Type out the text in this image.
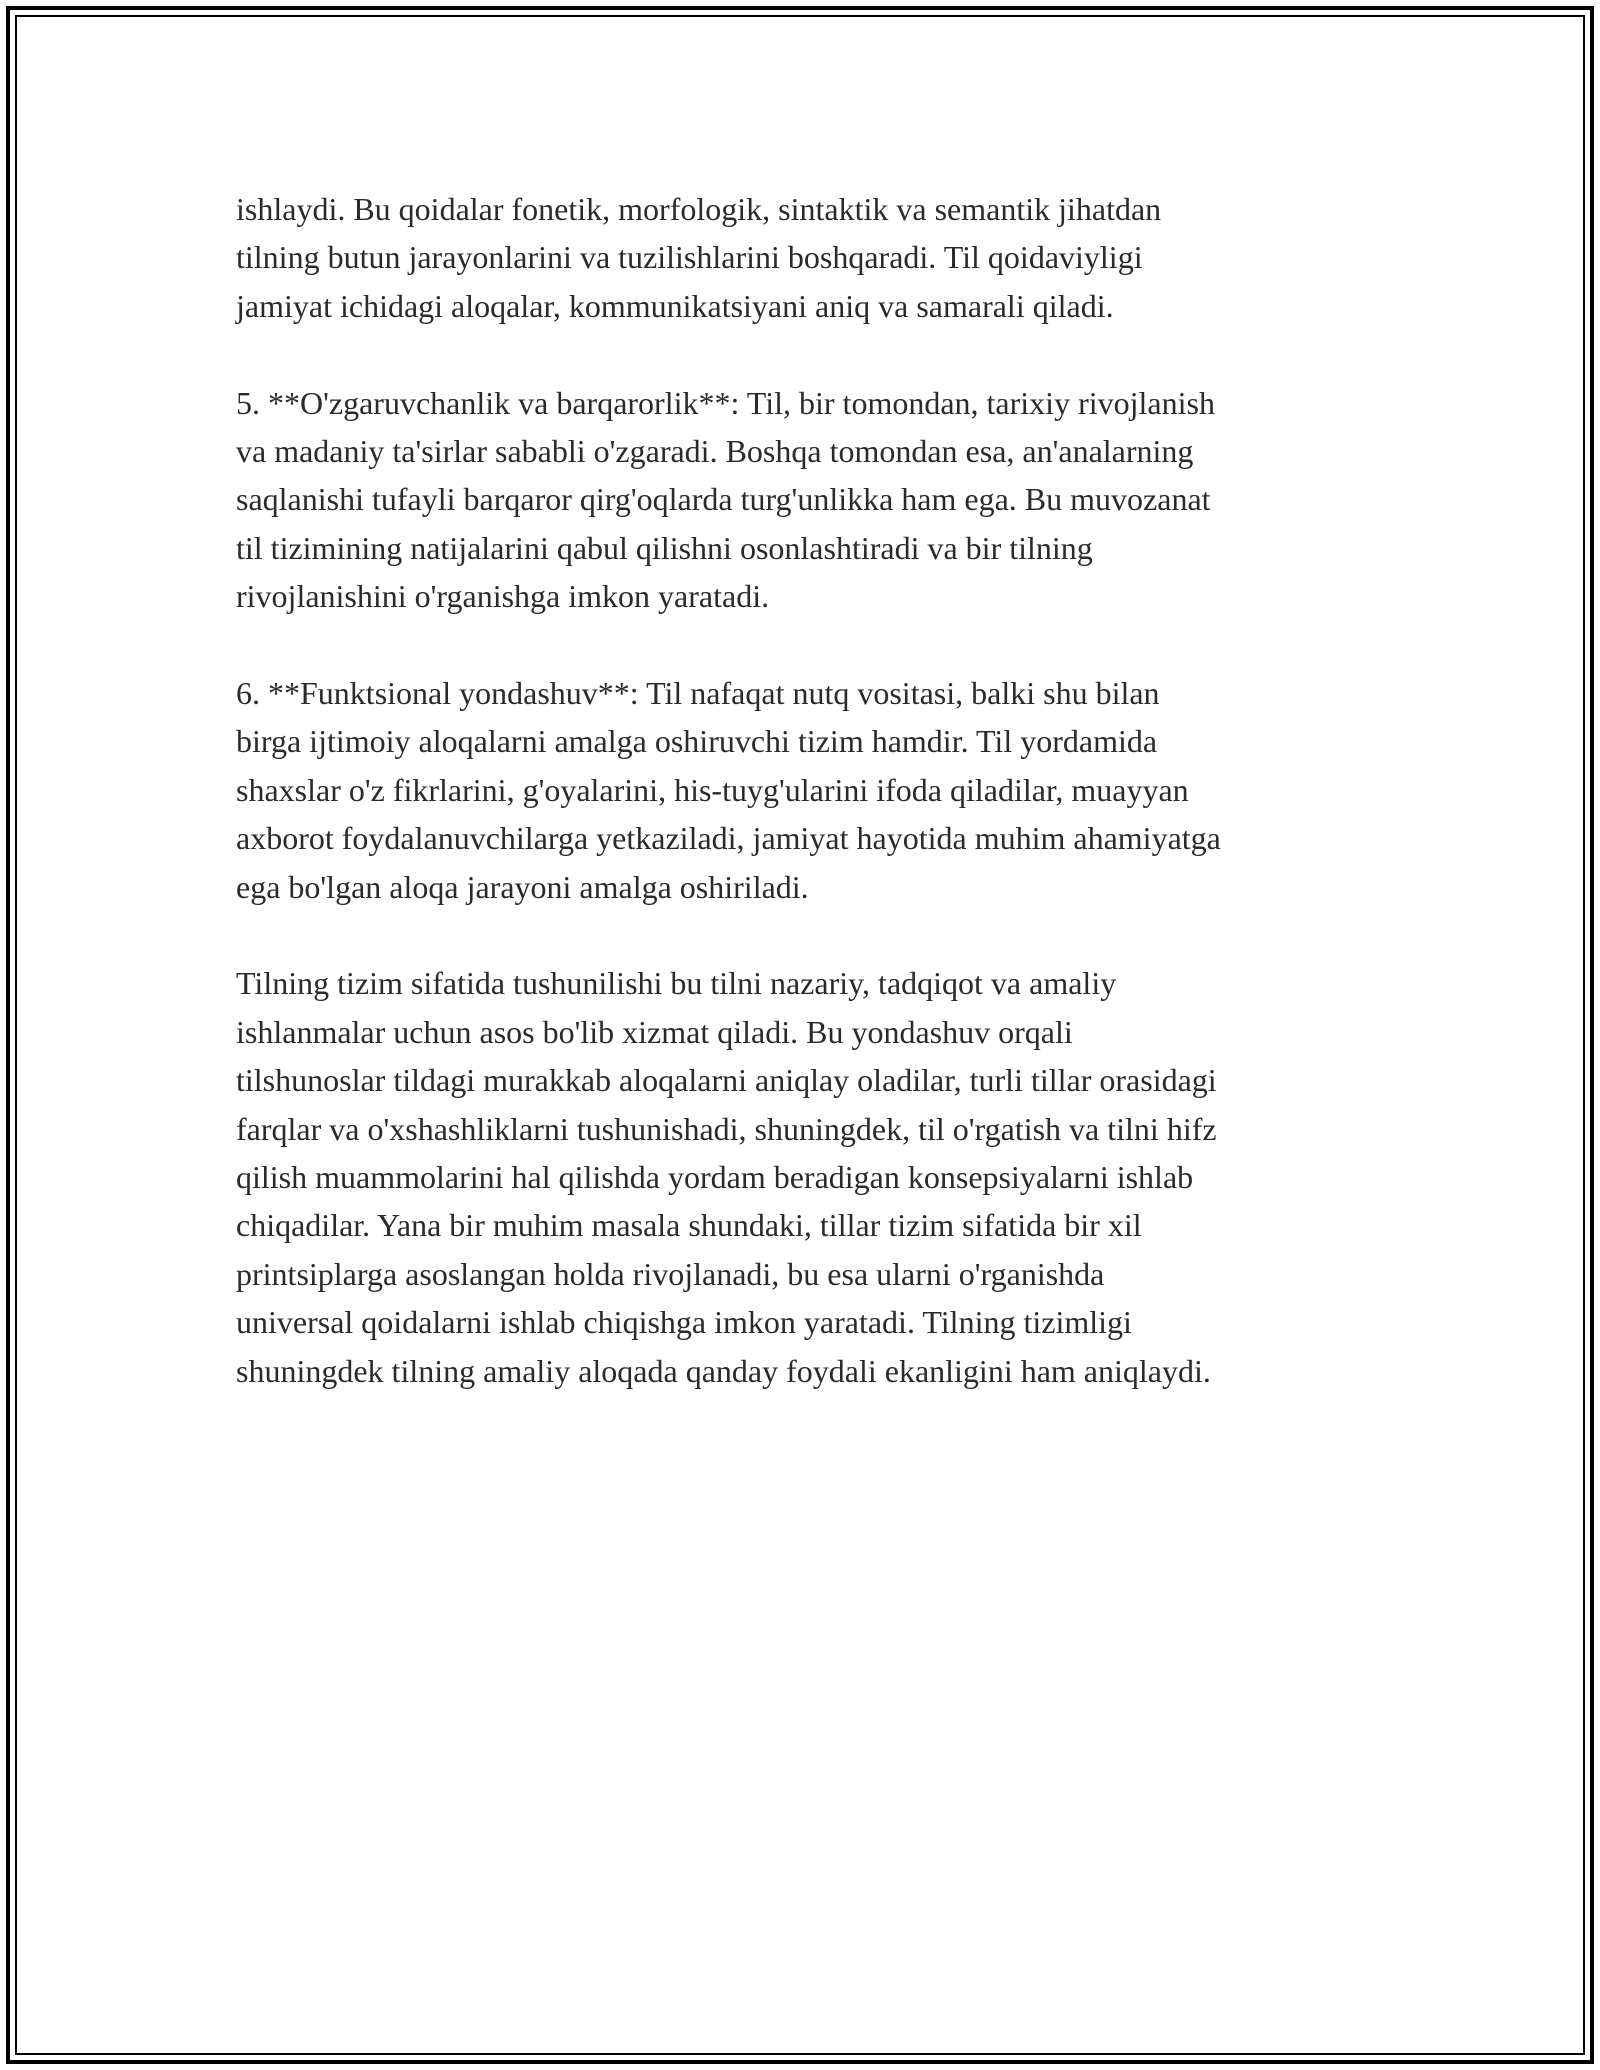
ishlaydi. Bu qoidalar fonetik, morfologik, sintaktik va semantik jihatdan
tilning butun jarayonlarini va tuzilishlarini boshqaradi. Til qoidaviyligi
jamiyat ichidagi aloqalar, kommunikatsiyani aniq va samarali qiladi.

5. **O'zgaruvchanlik va barqarorlik**: Til, bir tomondan, tarixiy rivojlanish
va madaniy ta'sirlar sababli o'zgaradi. Boshqa tomondan esa, an'analarning
saqlanishi tufayli barqaror qirg'oqlarda turg'unlikka ham ega. Bu muvozanat
til tizimining natijalarini qabul qilishni osonlashtiradi va bir tilning
rivojlanishini o'rganishga imkon yaratadi.

6. **Funktsional yondashuv**: Til nafaqat nutq vositasi, balki shu bilan
birga ijtimoiy aloqalarni amalga oshiruvchi tizim hamdir. Til yordamida
shaxslar o'z fikrlarini, g'oyalarini, his-tuyg'ularini ifoda qiladilar, muayyan
axborot foydalanuvchilarga yetkaziladi, jamiyat hayotida muhim ahamiyatga
ega bo'lgan aloqa jarayoni amalga oshiriladi.

Tilning tizim sifatida tushunilishi bu tilni nazariy, tadqiqot va amaliy
ishlanmalar uchun asos bo'lib xizmat qiladi. Bu yondashuv orqali
tilshunoslar tildagi murakkab aloqalarni aniqlay oladilar, turli tillar orasidagi
farqlar va o'xshashliklarni tushunishadi, shuningdek, til o'rgatish va tilni hifz
qilish muammolarini hal qilishda yordam beradigan konsepsiyalarni ishlab
chiqadilar. Yana bir muhim masala shundaki, tillar tizim sifatida bir xil
printsiplarga asoslangan holda rivojlanadi, bu esa ularni o'rganishda
universal qoidalarni ishlab chiqishga imkon yaratadi. Tilning tizimligi
shuningdek tilning amaliy aloqada qanday foydali ekanligini ham aniqlaydi.
